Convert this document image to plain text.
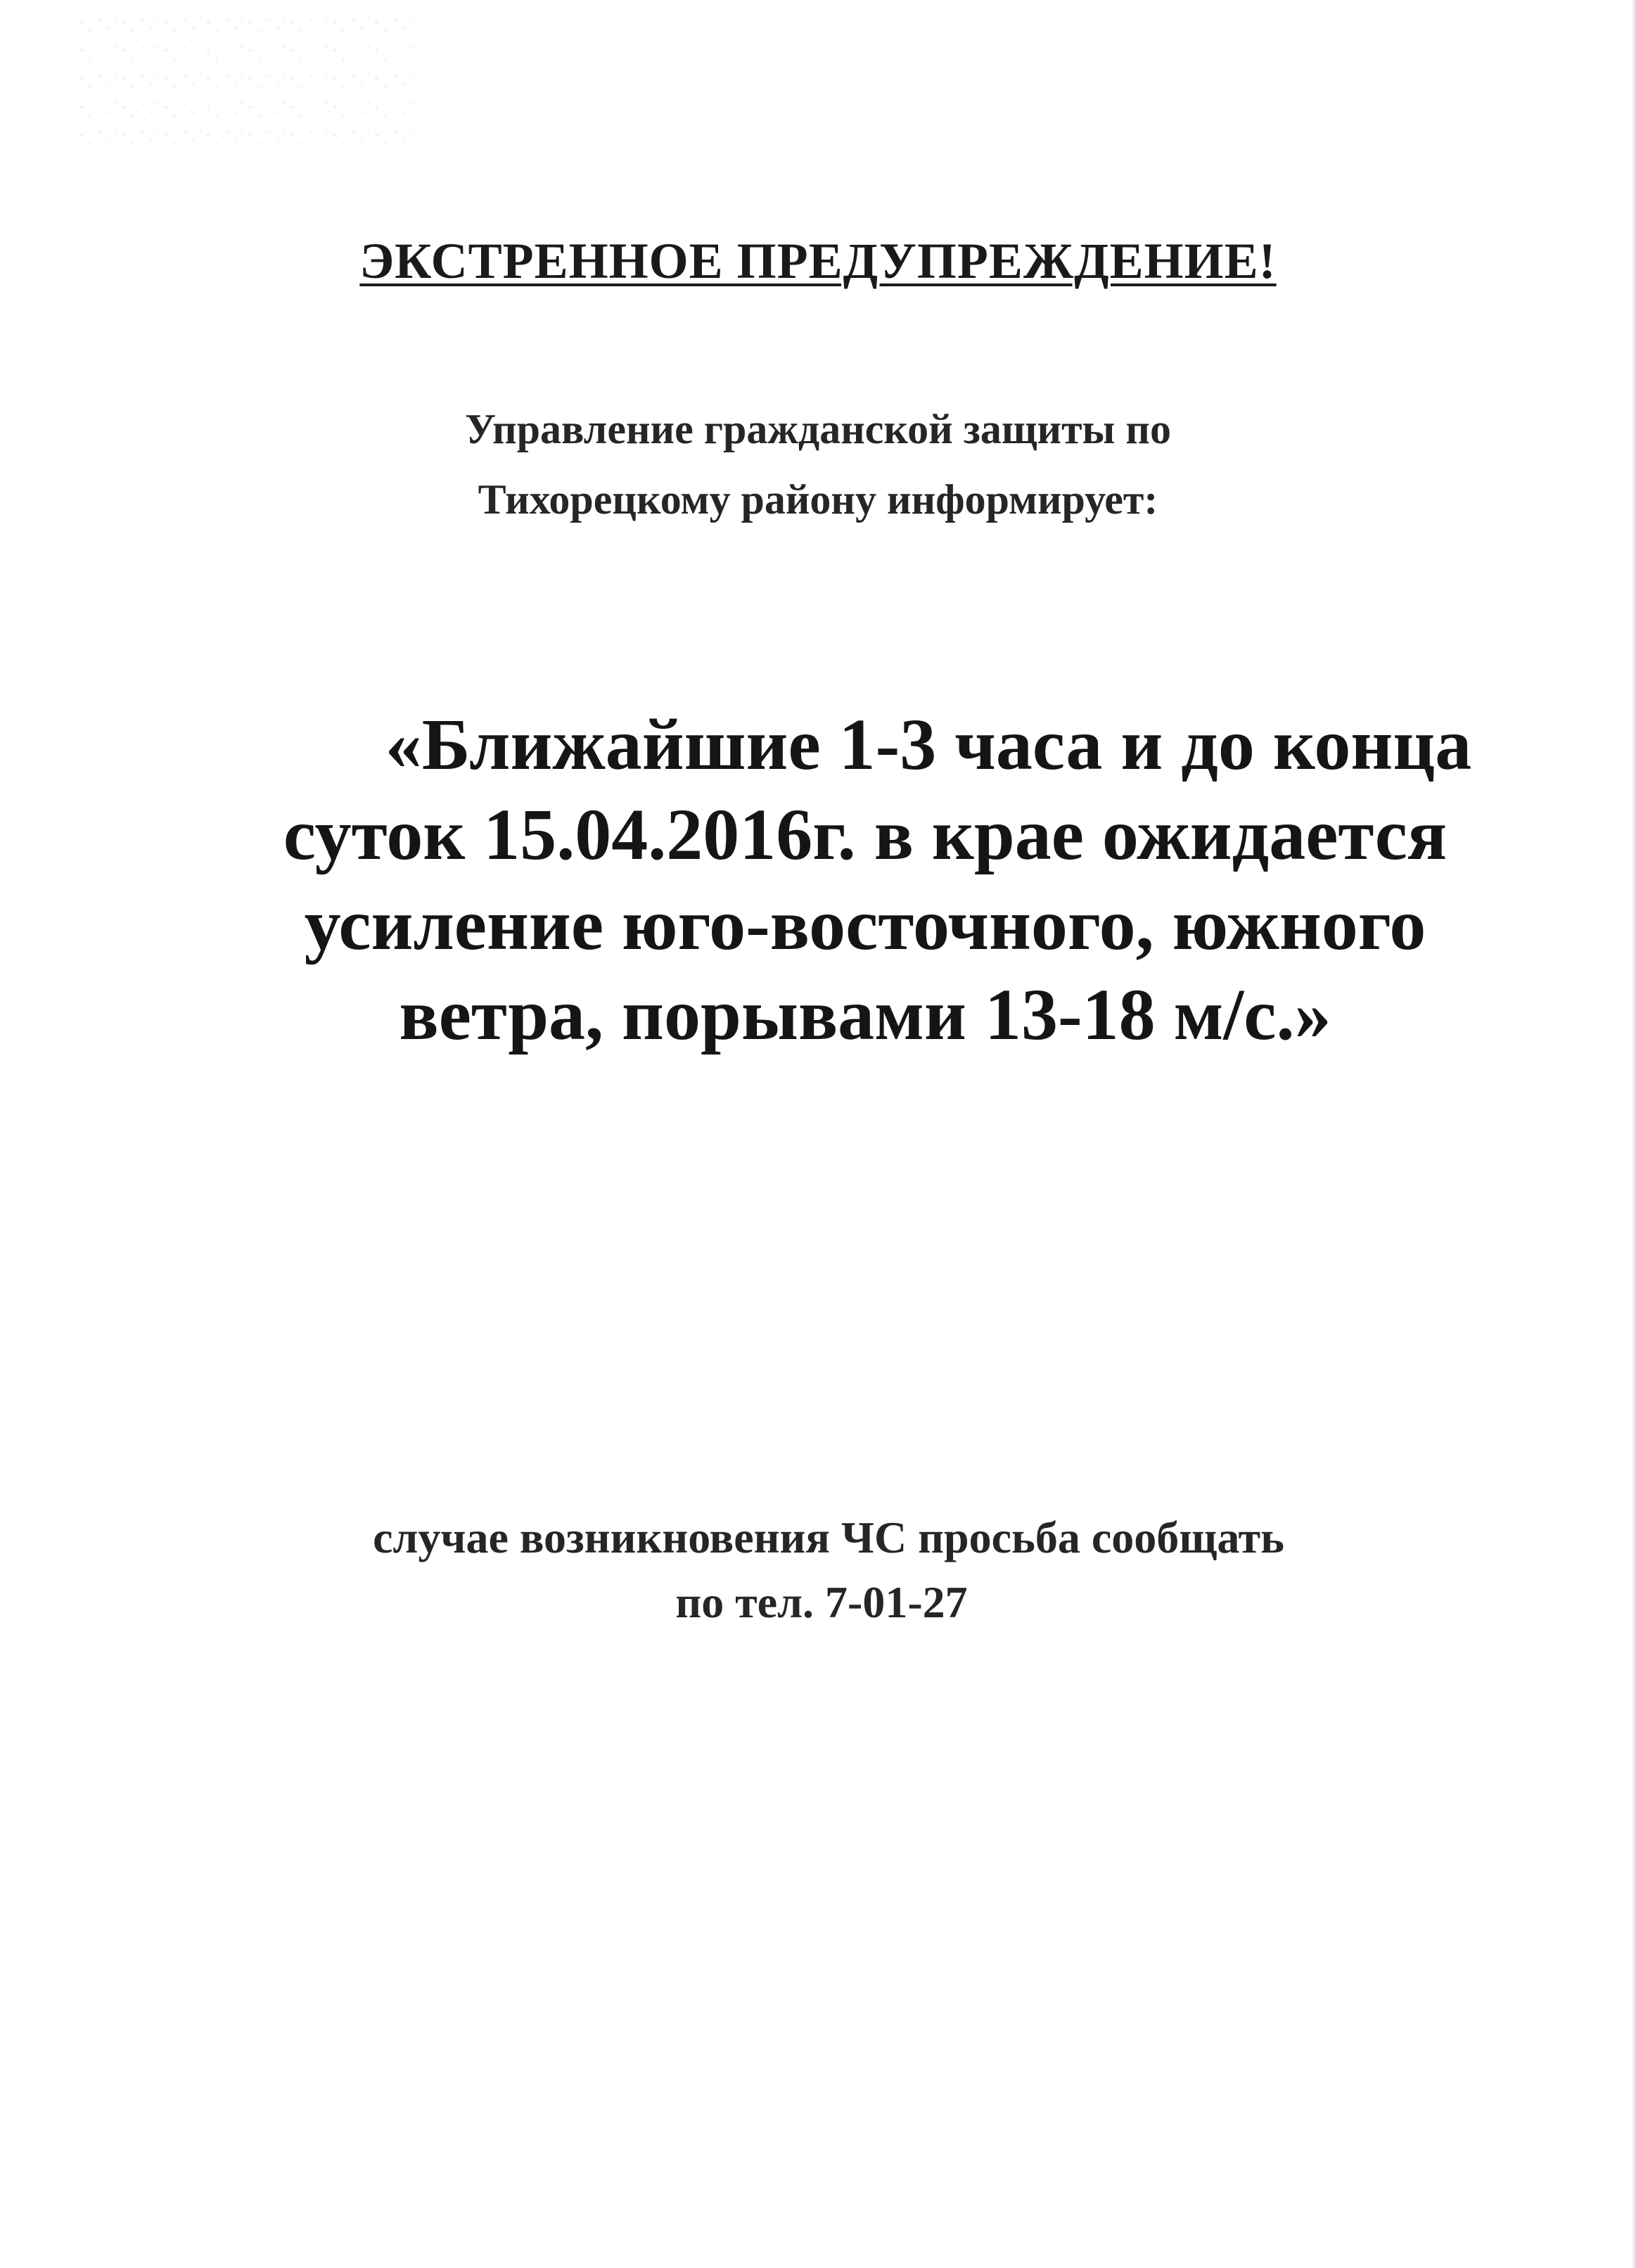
ЭКСТРЕННОЕ ПРЕДУПРЕЖДЕНИЕ!
Управление гражданской защиты по
Тихорецкому району информирует:
«Ближайшие 1-3 часа и до конца
суток 15.04.2016г. в крае ожидается
усиление юго-восточного, южного
ветра, порывами 13-18 м/с.»
случае возникновения ЧС просьба сообщать
по тел. 7-01-27
